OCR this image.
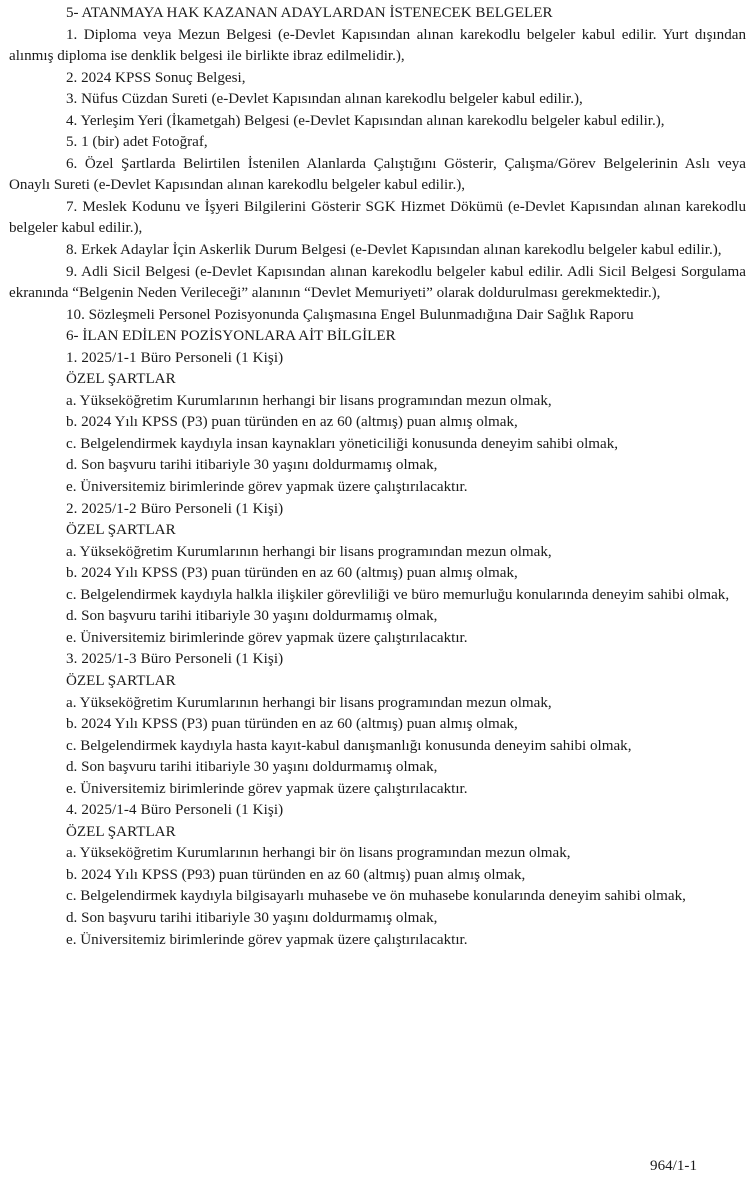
5- ATANMAYA HAK KAZANAN ADAYLARDAN İSTENECEK BELGELER

1. Diploma veya Mezun Belgesi (e-Devlet Kapısından alınan karekodlu belgeler kabul edilir. Yurt dışından alınmış diploma ise denklik belgesi ile birlikte ibraz edilmelidir.),

2. 2024 KPSS Sonuç Belgesi,

3. Nüfus Cüzdan Sureti (e-Devlet Kapısından alınan karekodlu belgeler kabul edilir.),

4. Yerleşim Yeri (İkametgah) Belgesi (e-Devlet Kapısından alınan karekodlu belgeler kabul edilir.),

5. 1 (bir) adet Fotoğraf,

6. Özel Şartlarda Belirtilen İstenilen Alanlarda Çalıştığını Gösterir, Çalışma/Görev Belgelerinin Aslı veya Onaylı Sureti (e-Devlet Kapısından alınan karekodlu belgeler kabul edilir.),

7. Meslek Kodunu ve İşyeri Bilgilerini Gösterir SGK Hizmet Dökümü (e-Devlet Kapısından alınan karekodlu belgeler kabul edilir.),

8. Erkek Adaylar İçin Askerlik Durum Belgesi (e-Devlet Kapısından alınan karekodlu belgeler kabul edilir.),

9. Adli Sicil Belgesi (e-Devlet Kapısından alınan karekodlu belgeler kabul edilir. Adli Sicil Belgesi Sorgulama ekranında “Belgenin Neden Verileceği” alanının “Devlet Memuriyeti” olarak doldurulması gerekmektedir.),

10. Sözleşmeli Personel Pozisyonunda Çalışmasına Engel Bulunmadığına Dair Sağlık Raporu

6- İLAN EDİLEN POZİSYONLARA AİT BİLGİLER

1. 2025/1-1 Büro Personeli (1 Kişi)

ÖZEL ŞARTLAR

a. Yükseköğretim Kurumlarının herhangi bir lisans programından mezun olmak,

b. 2024 Yılı KPSS (P3) puan türünden en az 60 (altmış) puan almış olmak,

c. Belgelendirmek kaydıyla insan kaynakları yöneticiliği konusunda deneyim sahibi olmak,

d. Son başvuru tarihi itibariyle 30 yaşını doldurmamış olmak,

e. Üniversitemiz birimlerinde görev yapmak üzere çalıştırılacaktır.

2. 2025/1-2 Büro Personeli (1 Kişi)

ÖZEL ŞARTLAR

a. Yükseköğretim Kurumlarının herhangi bir lisans programından mezun olmak,

b. 2024 Yılı KPSS (P3) puan türünden en az 60 (altmış) puan almış olmak,

c. Belgelendirmek kaydıyla halkla ilişkiler görevliliği ve büro memurluğu konularında deneyim sahibi olmak,

d. Son başvuru tarihi itibariyle 30 yaşını doldurmamış olmak,

e. Üniversitemiz birimlerinde görev yapmak üzere çalıştırılacaktır.

3. 2025/1-3 Büro Personeli (1 Kişi)

ÖZEL ŞARTLAR

a. Yükseköğretim Kurumlarının herhangi bir lisans programından mezun olmak,

b. 2024 Yılı KPSS (P3) puan türünden en az 60 (altmış) puan almış olmak,

c. Belgelendirmek kaydıyla hasta kayıt-kabul danışmanlığı konusunda deneyim sahibi olmak,

d. Son başvuru tarihi itibariyle 30 yaşını doldurmamış olmak,

e. Üniversitemiz birimlerinde görev yapmak üzere çalıştırılacaktır.

4. 2025/1-4 Büro Personeli (1 Kişi)

ÖZEL ŞARTLAR

a. Yükseköğretim Kurumlarının herhangi bir ön lisans programından mezun olmak,

b. 2024 Yılı KPSS (P93) puan türünden en az 60 (altmış) puan almış olmak,

c. Belgelendirmek kaydıyla bilgisayarlı muhasebe ve ön muhasebe konularında deneyim sahibi olmak,

d. Son başvuru tarihi itibariyle 30 yaşını doldurmamış olmak,

e. Üniversitemiz birimlerinde görev yapmak üzere çalıştırılacaktır.

964/1-1
